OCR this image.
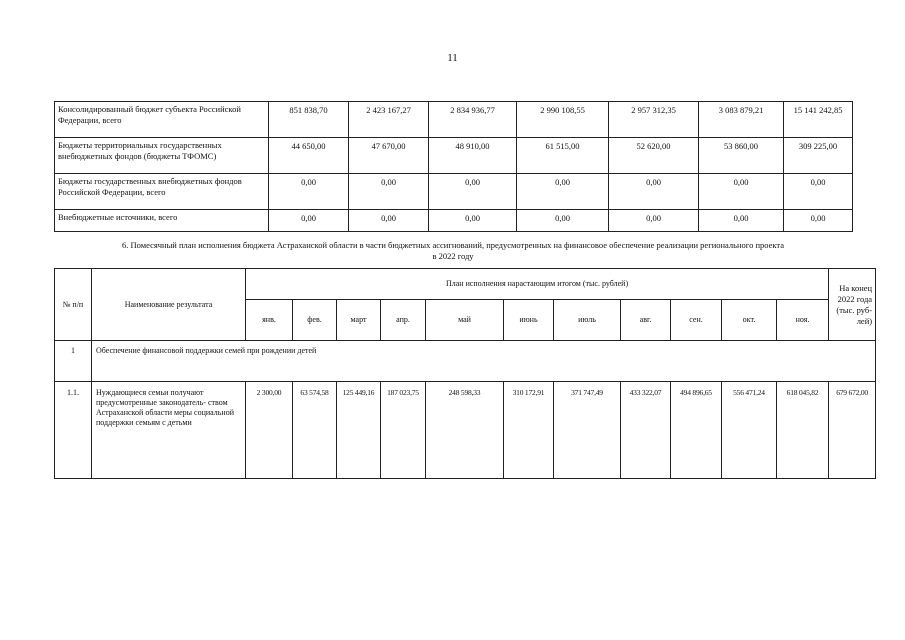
11
Консолидированный бюджет субъекта Российской Федерации, всего	851 838,70	2 423 167,27	2 834 936,77	2 990 108,55	2 957 312,35	3 083 879,21	15 141 242,85
Бюджеты территориальных государственных внебюджетных фондов (бюджеты ТФОМС)	44 650,00	47 670,00	48 910,00	61 515,00	52 620,00	53 860,00	309 225,00
Бюджеты государственных внебюджетных фондов Российской Федерации, всего	0,00	0,00	0,00	0,00	0,00	0,00	0,00
Внебюджетные источники, всего	0,00	0,00	0,00	0,00	0,00	0,00	0,00
6. Помесячный план исполнения бюджета Астраханской области в части бюджетных ассигнований, предусмотренных на финансовое обеспечение реализации регионального проекта
в 2022 году
№ п/п	Наименование результата	План исполнения нарастающим итогом (тыс. рублей)											На конец 2022 года (тыс. руб- лей)
		янв.	фев.	март	апр.	май	июнь	июль	авг.	сен.	окт.	ноя.	
1	Обеспечение финансовой поддержки семей при рождении детей												
1.1.	Нуждающиеся семьи получают предусмотренные законодатель- ством Астраханской области меры социальной поддержки семьям с детьми	2 300,00	63 574,58	125 449,16	187 023,75	248 598,33	310 172,91	371 747,49	433 322,07	494 896,65	556 471,24	618 045,82	679 672,00
